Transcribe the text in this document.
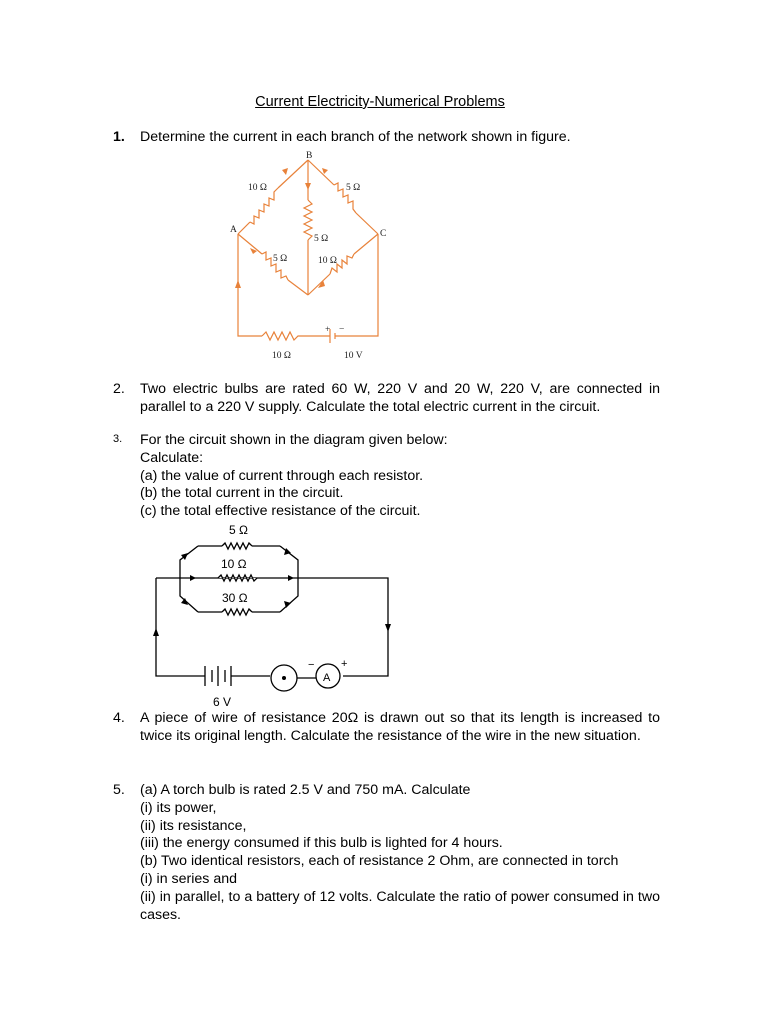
Current Electricity-Numerical Problems
1. Determine the current in each branch of the network shown in figure.
B
A	C
10 Ω	5 Ω
5 Ω
5 Ω	10 Ω
10 Ω	10 V
+ −
2. Two electric bulbs are rated 60 W, 220 V and 20 W, 220 V, are connected in parallel to a 220 V supply. Calculate the total electric current in the circuit.
3. For the circuit shown in the diagram given below:
Calculate:
(a) the value of current through each resistor.
(b) the total current in the circuit.
(c) the total effective resistance of the circuit.
5 Ω
10 Ω
30 Ω
6 V
A
− +
4. A piece of wire of resistance 20Ω is drawn out so that its length is increased to twice its original length. Calculate the resistance of the wire in the new situation.
5. (a) A torch bulb is rated 2.5 V and 750 mA. Calculate
(i) its power,
(ii) its resistance,
(iii) the energy consumed if this bulb is lighted for 4 hours.
(b) Two identical resistors, each of resistance 2 Ohm, are connected in torch
(i) in series and
(ii) in parallel, to a battery of 12 volts. Calculate the ratio of power consumed in two cases.
